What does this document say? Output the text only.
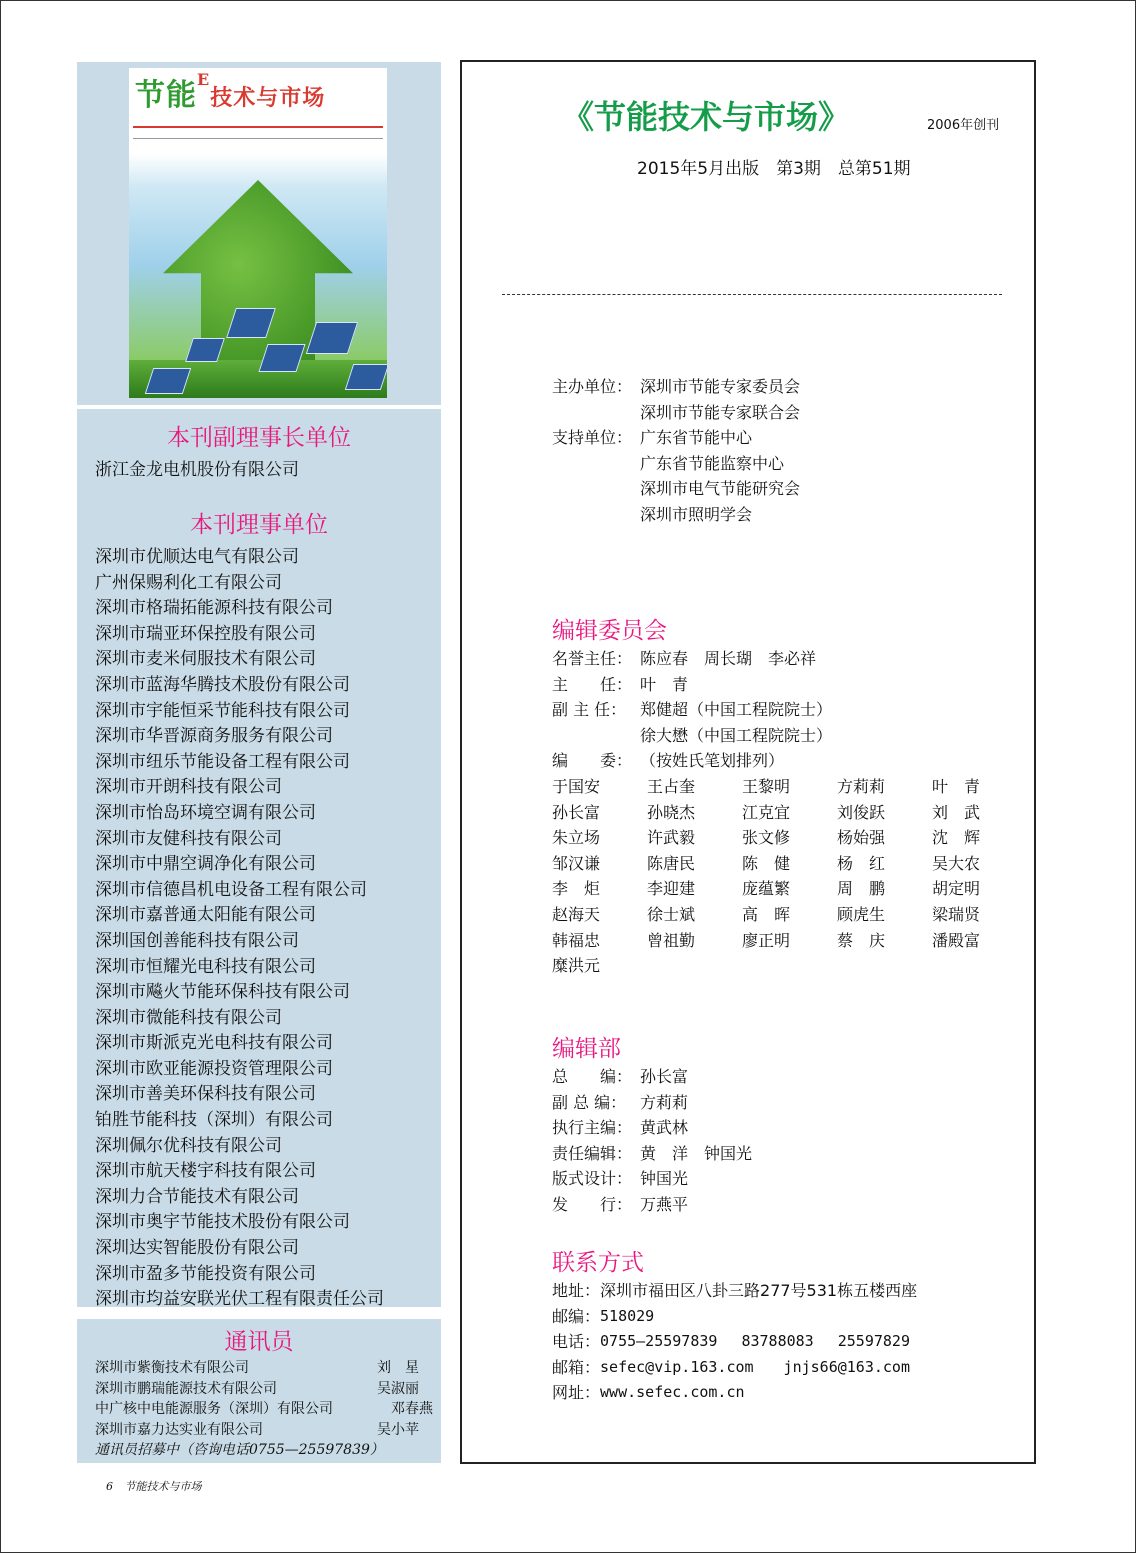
节能$^E$技术与市场
本刊副理事长单位
浙江金龙电机股份有限公司
本刊理事单位
深圳市优顺达电气有限公司
广州保赐利化工有限公司
深圳市格瑞拓能源科技有限公司
深圳市瑞亚环保控股有限公司
深圳市麦米伺服技术有限公司
深圳市蓝海华腾技术股份有限公司
深圳市宇能恒采节能科技有限公司
深圳市华晋源商务服务有限公司
深圳市纽乐节能设备工程有限公司
深圳市开朗科技有限公司
深圳市怡岛环境空调有限公司
深圳市友健科技有限公司
深圳市中鼎空调净化有限公司
深圳市信德昌机电设备工程有限公司
深圳市嘉普通太阳能有限公司
深圳国创善能科技有限公司
深圳市恒耀光电科技有限公司
深圳市飚火节能环保科技有限公司
深圳市微能科技有限公司
深圳市斯派克光电科技有限公司
深圳市欧亚能源投资管理限公司
深圳市善美环保科技有限公司
铂胜节能科技（深圳）有限公司
深圳佩尔优科技有限公司
深圳市航天楼宇科技有限公司
深圳力合节能技术有限公司
深圳市奥宇节能技术股份有限公司
深圳达实智能股份有限公司
深圳市盈多节能投资有限公司
深圳市均益安联光伏工程有限责任公司
通讯员
深圳市紫衡技术有限公司	刘　星
深圳市鹏瑞能源技术有限公司	吴淑丽
中广核中电能源服务（深圳）有限公司	邓春燕
深圳市嘉力达实业有限公司	吴小苹
通讯员招募中（咨询电话0755—25597839）
6 节能技术与市场
《节能技术与市场》	2006年创刊
2015年5月出版　第3期　总第51期
主办单位： 深圳市节能专家委员会
深圳市节能专家联合会
支持单位： 广东省节能中心
广东省节能监察中心
深圳市电气节能研究会
深圳市照明学会
编辑委员会
名誉主任： 陈应春　周长瑚　李必祥
主　　任： 叶　青
副 主 任： 郑健超（中国工程院院士）
徐大懋（中国工程院院士）
编　　委： （按姓氏笔划排列）
于国安	王占奎	王黎明	方莉莉	叶　青
孙长富	孙晓杰	江克宜	刘俊跃	刘　武
朱立场	许武毅	张文修	杨始强	沈　辉
邹汉谦	陈唐民	陈　健	杨　红	吴大农
李　炬	李迎建	庞蕴繁	周　鹏	胡定明
赵海天	徐士斌	高　晖	顾虎生	梁瑞贤
韩福忠	曾祖勤	廖正明	蔡　庆	潘殿富
糜洪元
编辑部
总　　编： 孙长富
副 总 编： 方莉莉
执行主编： 黄武林
责任编辑： 黄　洋　钟国光
版式设计： 钟国光
发　　行： 万燕平
联系方式
地址： 深圳市福田区八卦三路277号531栋五楼西座
邮编： 518029
电话： 0755—25597839　 83788083　 25597829
邮箱： sefec@vip.163.com　　jnjs66@163.com
网址： www.sefec.com.cn
